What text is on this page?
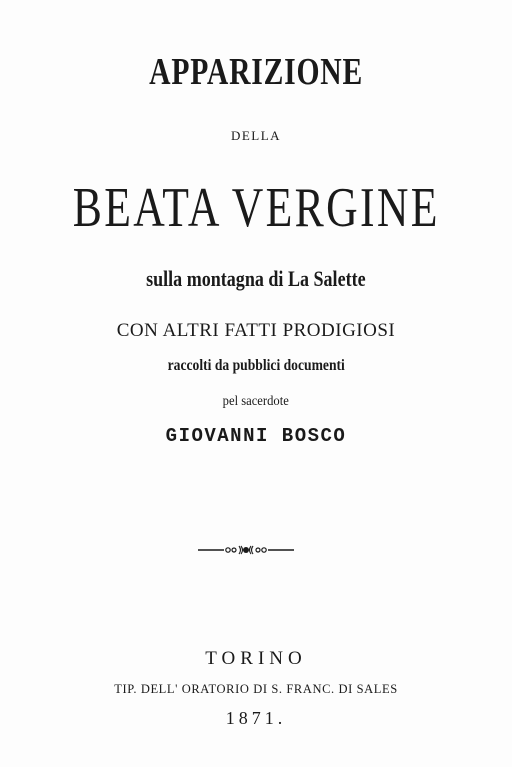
APPARIZIONE
DELLA
BEATA VERGINE
sulla montagna di La Salette
CON ALTRI FATTI PRODIGIOSI
raccolti da pubblici documenti
pel sacerdote
GIOVANNI BOSCO
TORINO
TIP. DELL' ORATORIO DI S. FRANC. DI SALES
1871.
